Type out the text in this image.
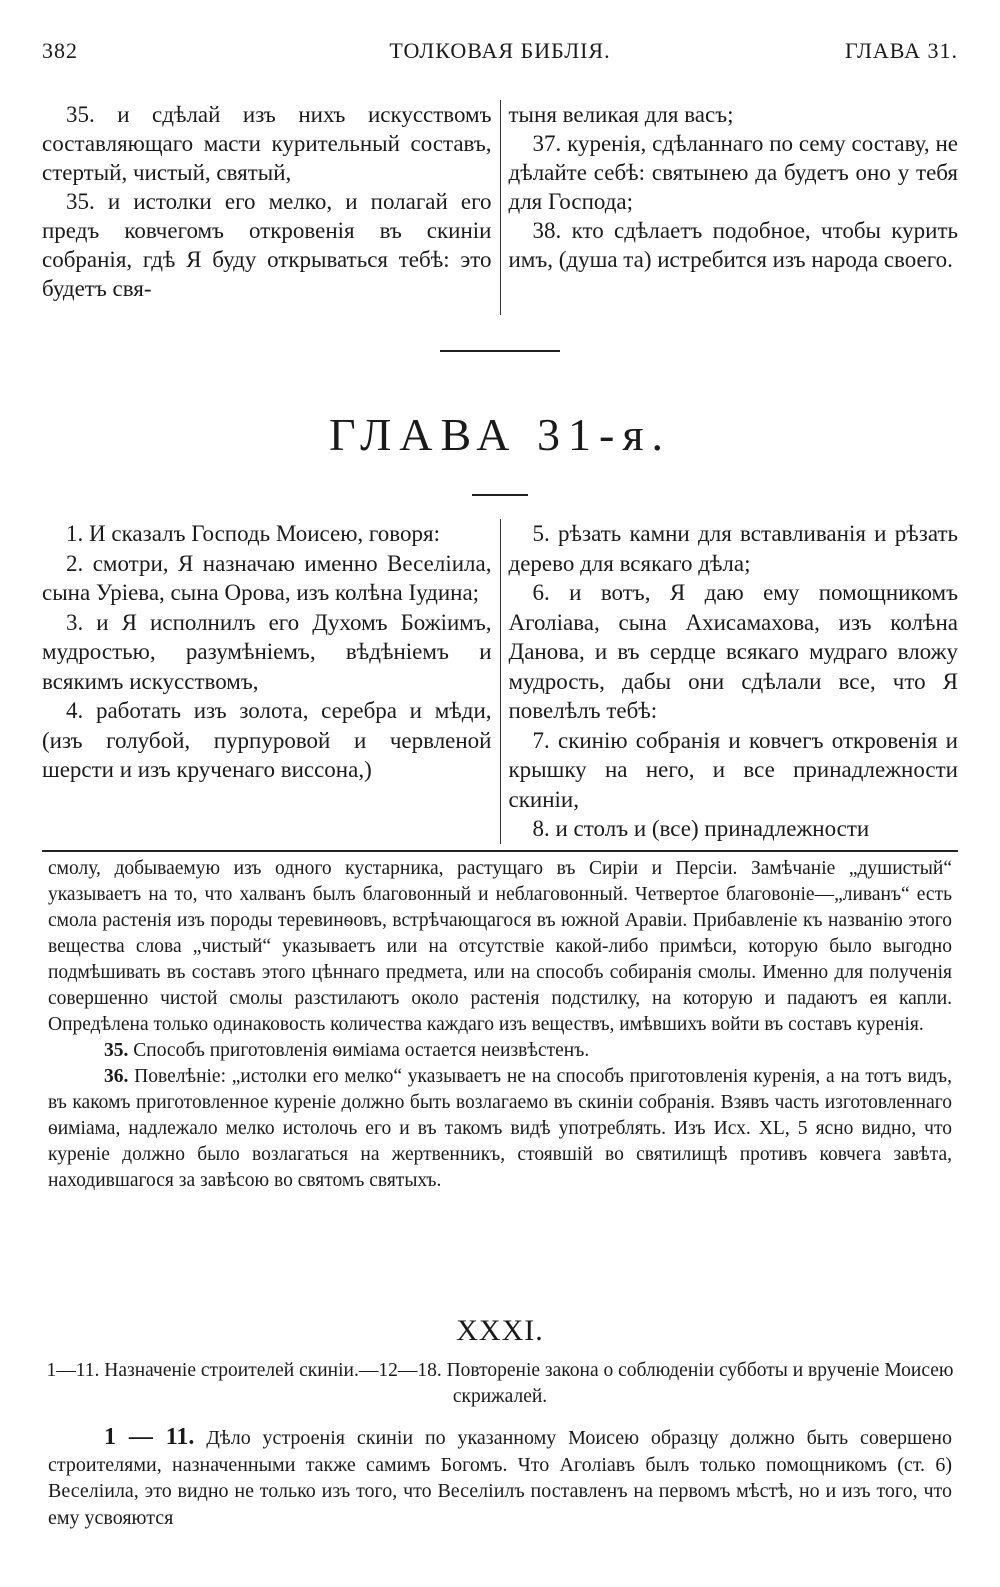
382	ТОЛКОВАЯ БИБЛІЯ.	ГЛАВА 31.

35. и сдѣлай изъ нихъ искусствомъ составляющаго масти курительный составъ, стертый, чистый, святый,

35. и истолки его мелко, и полагай его предъ ковчегомъ откровенія въ скиніи собранія, гдѣ Я буду открываться тебѣ: это будетъ свя-

тыня великая для васъ;

37. куренія, сдѣланнаго по сему составу, не дѣлайте себѣ: святынею да будетъ оно у тебя для Господа;

38. кто сдѣлаетъ подобное, чтобы курить имъ, (душа та) истребится изъ народа своего.

ГЛАВА 31-я.

1. И сказалъ Господь Моисею, говоря:

2. смотри, Я назначаю именно Веселіила, сына Уріева, сына Орова, изъ колѣна Іудина;

3. и Я исполнилъ его Духомъ Божіимъ, мудростью, разумѣніемъ, вѣдѣніемъ и всякимъ искусствомъ,

4. работать изъ золота, серебра и мѣди, (изъ голубой, пурпуровой и червленой шерсти и изъ крученаго виссона,)

5. рѣзать камни для вставливанія и рѣзать дерево для всякаго дѣла;

6. и вотъ, Я даю ему помощникомъ Аголіава, сына Ахисамахова, изъ колѣна Данова, и въ сердце всякаго мудраго вложу мудрость, дабы они сдѣлали все, что Я повелѣлъ тебѣ:

7. скинію собранія и ковчегъ откровенія и крышку на него, и все принадлежности скиніи,

8. и столъ и (все) принадлежности

смолу, добываемую изъ одного кустарника, растущаго въ Сиріи и Персіи. Замѣчаніе „душистый“ указываетъ на то, что халванъ былъ благовонный и неблаговонный. Четвертое благовоніе—„ливанъ“ есть смола растенія изъ породы теревинѳовъ, встрѣчающагося въ южной Аравіи. Прибавленіе къ названію этого вещества слова „чистый“ указываетъ или на отсутствіе какой-либо примѣси, которую было выгодно подмѣшивать въ составъ этого цѣннаго предмета, или на способъ собиранія смолы. Именно для полученія совершенно чистой смолы разстилаютъ около растенія подстилку, на которую и падаютъ ея капли. Опредѣлена только одинаковость количества каждаго изъ веществъ, имѣвшихъ войти въ составъ куренія.

35. Способъ приготовленія ѳиміама остается неизвѣстенъ.

36. Повелѣніе: „истолки его мелко“ указываетъ не на способъ приготовленія куренія, а на тотъ видъ, въ какомъ приготовленное куреніе должно быть возлагаемо въ скиніи собранія. Взявъ часть изготовленнаго ѳиміама, надлежало мелко истолочь его и въ такомъ видѣ употреблять. Изъ Исх. XL, 5 ясно видно, что куреніе должно было возлагаться на жертвенникъ, стоявшій во святилищѣ противъ ковчега завѣта, находившагося за завѣсою во святомъ святыхъ.

XXXI.
1—11. Назначеніе строителей скиніи.—12—18. Повтореніе закона о соблюденіи субботы и врученіе Моисею скрижалей.

1 — 11. Дѣло устроенія скиніи по указанному Моисею образцу должно быть совершено строителями, назначенными также самимъ Богомъ. Что Аголіавъ былъ только помощникомъ (ст. 6) Веселіила, это видно не только изъ того, что Веселіилъ поставленъ на первомъ мѣстѣ, но и изъ того, что ему усвояются
